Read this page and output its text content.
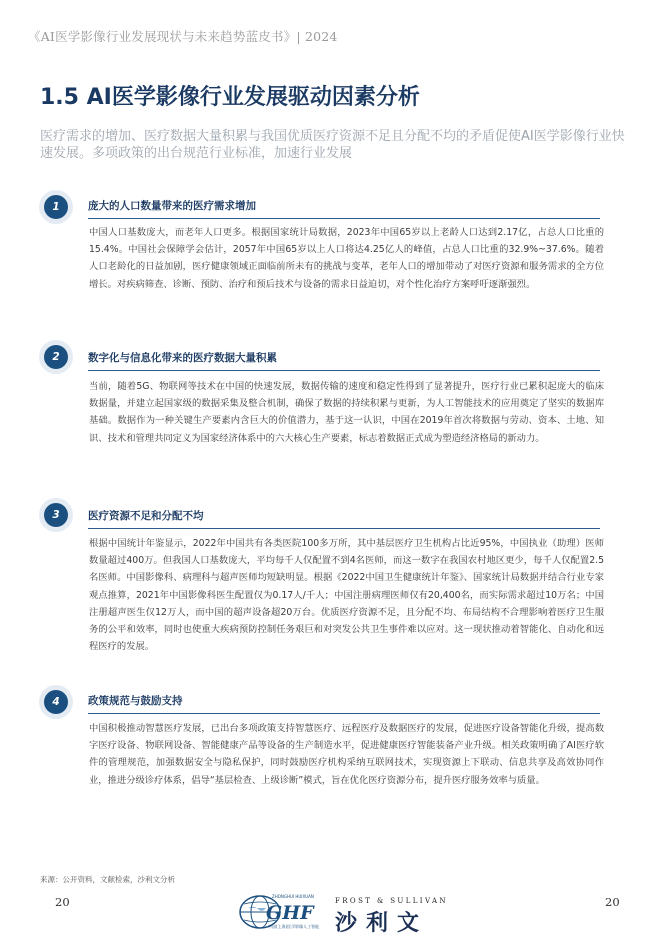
《AI医学影像行业发展现状与未来趋势蓝皮书》| 2024
1.5 AI医学影像行业发展驱动因素分析
医疗需求的增加、医疗数据大量积累与我国优质医疗资源不足且分配不均的矛盾促使AI医学影像行业快速发展。多项政策的出台规范行业标准，加速行业发展
1	庞大的人口数量带来的医疗需求增加

中国人口基数庞大，而老年人口更多。根据国家统计局数据，2023年中国65岁以上老龄人口达到2.17亿，占总人口比重的15.4%。中国社会保障学会估计，2057年中国65岁以上人口将达4.25亿人的峰值，占总人口比重的32.9%~37.6%。随着人口老龄化的日益加剧，医疗健康领域正面临前所未有的挑战与变革，老年人口的增加带动了对医疗资源和服务需求的全方位增长。对疾病筛查、诊断、预防、治疗和预后技术与设备的需求日益迫切，对个性化治疗方案呼吁逐渐强烈。

2	数字化与信息化带来的医疗数据大量积累

当前，随着5G、物联网等技术在中国的快速发展，数据传输的速度和稳定性得到了显著提升，医疗行业已累积起庞大的临床数据量，并建立起国家级的数据采集及整合机制，确保了数据的持续积累与更新，为人工智能技术的应用奠定了坚实的数据库基础。数据作为一种关键生产要素内含巨大的价值潜力，基于这一认识，中国在2019年首次将数据与劳动、资本、土地、知识、技术和管理共同定义为国家经济体系中的六大核心生产要素，标志着数据正式成为塑造经济格局的新动力。

3	医疗资源不足和分配不均

根据中国统计年鉴显示，2022年中国共有各类医院100多万所，其中基层医疗卫生机构占比近95%，中国执业（助理）医师数量超过400万。但我国人口基数庞大，平均每千人仅配置不到4名医师，而这一数字在我国农村地区更少，每千人仅配置2.5名医师。中国影像科、病理科与超声医师均短缺明显。根据《2022中国卫生健康统计年鉴》、国家统计局数据并结合行业专家观点推算，2021年中国影像科医生配置仅为0.17人/千人；中国注册病理医师仅有20,400名，而实际需求超过10万名；中国注册超声医生仅12万人，而中国的超声设备超20万台。优质医疗资源不足，且分配不均、布局结构不合理影响着医疗卫生服务的公平和效率，同时也使重大疾病预防控制任务艰巨和对突发公共卫生事件难以应对。这一现状推动着智能化、自动化和远程医疗的发展。

4	政策规范与鼓励支持

中国积极推动智慧医疗发展，已出台多项政策支持智慧医疗、远程医疗及数据医疗的发展，促进医疗设备智能化升级，提高数字医疗设备、物联网设备、智能健康产品等设备的生产制造水平，促进健康医疗智能装备产业升级。相关政策明确了AI医疗软件的管理规范，加强数据安全与隐私保护，同时鼓励医疗机构采纳互联网技术，实现资源上下联动、信息共享及高效协同作业，推进分级诊疗体系，倡导“基层检查、上级诊断”模式，旨在优化医疗资源分布，提升医疗服务效率与质量。

来源：公开资料，文献检索，沙利文分析
20	20
ZHONGHUI HUIXUAN
GHF
中国(上海)医学影像人工智能
FROST & SULLIVAN
沙利文
